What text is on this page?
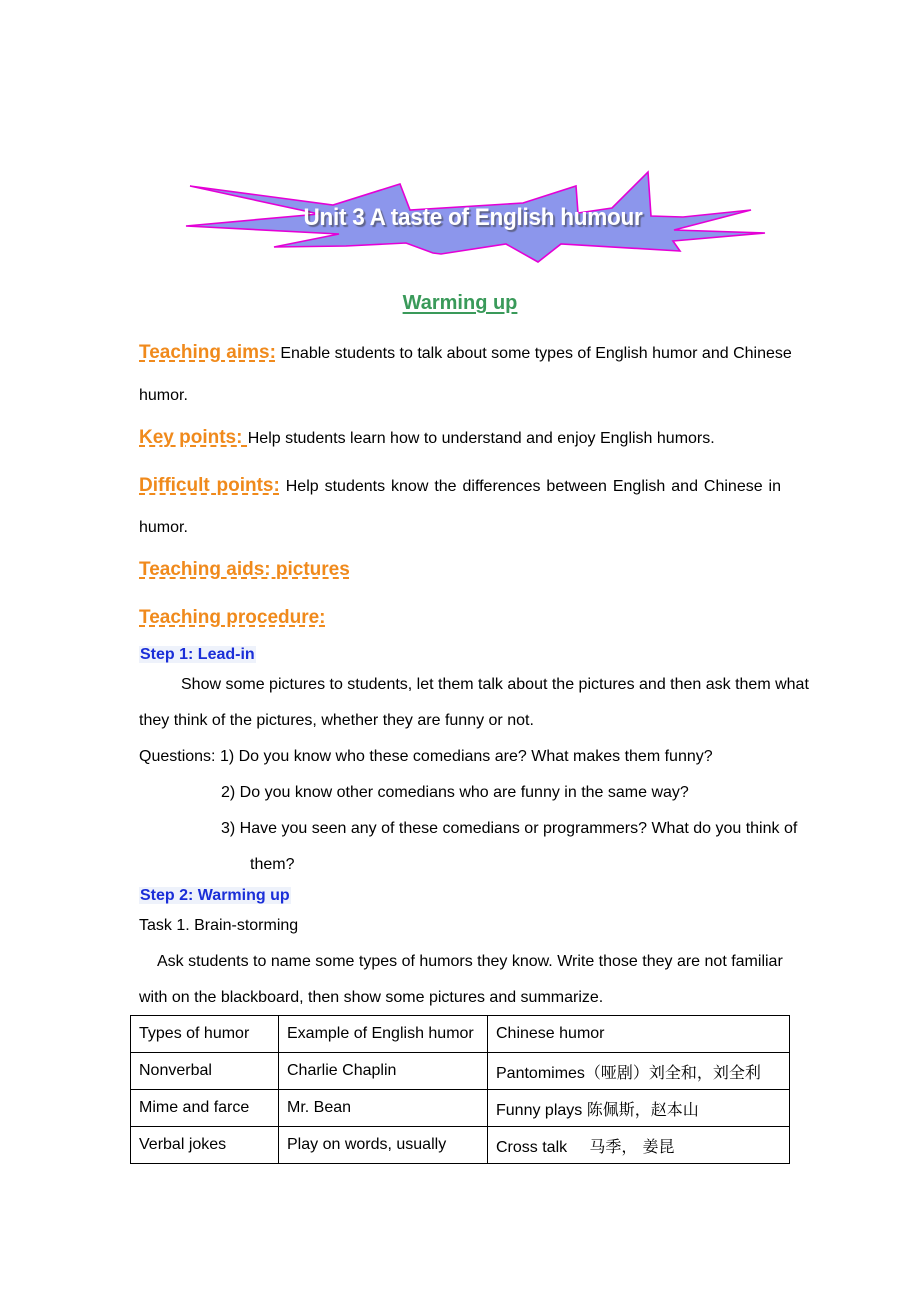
Unit 3 A taste of English humour
Warming up
Teaching aims: Enable students to talk about some types of English humor and Chinese
humor.
Key points: Help students learn how to understand and enjoy English humors.
Difficult points: Help students know the differences between English and Chinese in
humor.
Teaching aids: pictures
Teaching procedure:
Step 1: Lead-in
Show some pictures to students, let them talk about the pictures and then ask them what
they think of the pictures, whether they are funny or not.
Questions: 1) Do you know who these comedians are? What makes them funny?
2) Do you know other comedians who are funny in the same way?
3) Have you seen any of these comedians or programmers? What do you think of
them?
Step 2: Warming up
Task 1. Brain-storming
Ask students to name some types of humors they know. Write those they are not familiar
with on the blackboard, then show some pictures and summarize.
Types of humor	Example of English humor	Chinese humor
Nonverbal	Charlie Chaplin	Pantomimes（哑剧）刘全和，刘全利
Mime and farce	Mr. Bean	Funny plays 陈佩斯，赵本山
Verbal jokes	Play on words, usually	Cross talk 马季， 姜昆
